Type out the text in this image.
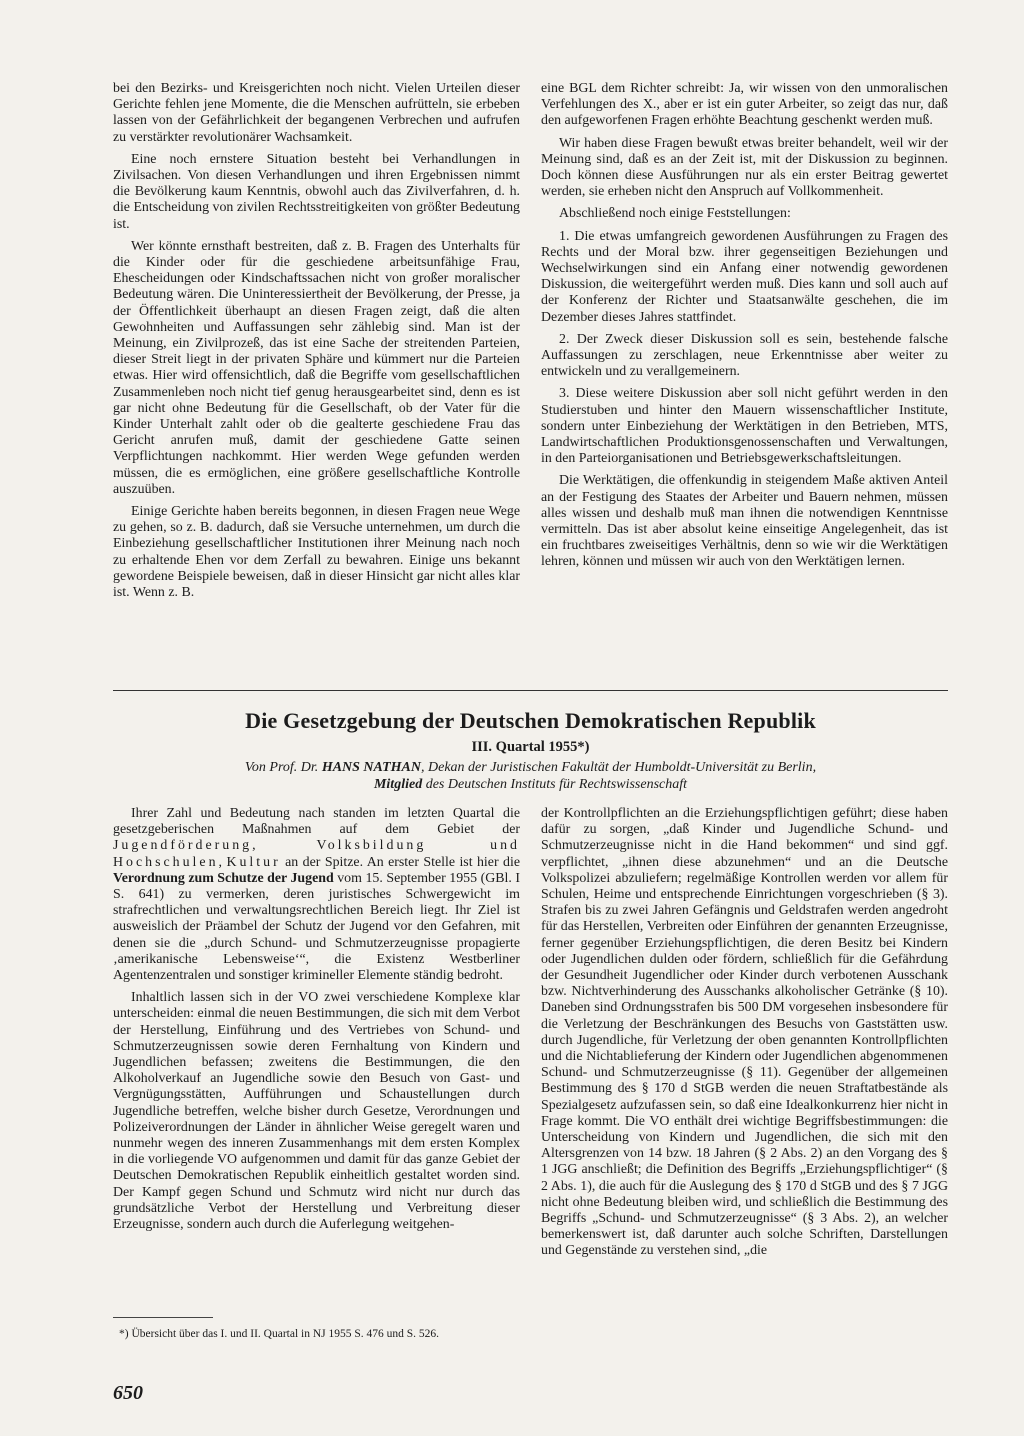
bei den Bezirks- und Kreisgerichten noch nicht. Vielen Urteilen dieser Gerichte fehlen jene Momente, die die Menschen aufrütteln, sie erbeben lassen von der Gefährlichkeit der begangenen Verbrechen und aufrufen zu verstärkter revolutionärer Wachsamkeit.

Eine noch ernstere Situation besteht bei Verhandlungen in Zivilsachen. Von diesen Verhandlungen und ihren Ergebnissen nimmt die Bevölkerung kaum Kenntnis, obwohl auch das Zivilverfahren, d. h. die Entscheidung von zivilen Rechtsstreitigkeiten von größter Bedeutung ist.

Wer könnte ernsthaft bestreiten, daß z. B. Fragen des Unterhalts für die Kinder oder für die geschiedene arbeitsunfähige Frau, Ehescheidungen oder Kindschaftssachen nicht von großer moralischer Bedeutung wären. Die Uninteressiertheit der Bevölkerung, der Presse, ja der Öffentlichkeit überhaupt an diesen Fragen zeigt, daß die alten Gewohnheiten und Auffassungen sehr zählebig sind. Man ist der Meinung, ein Zivilprozeß, das ist eine Sache der streitenden Parteien, dieser Streit liegt in der privaten Sphäre und kümmert nur die Parteien etwas. Hier wird offensichtlich, daß die Begriffe vom gesellschaftlichen Zusammenleben noch nicht tief genug herausgearbeitet sind, denn es ist gar nicht ohne Bedeutung für die Gesellschaft, ob der Vater für die Kinder Unterhalt zahlt oder ob die gealterte geschiedene Frau das Gericht anrufen muß, damit der geschiedene Gatte seinen Verpflichtungen nachkommt. Hier werden Wege gefunden werden müssen, die es ermöglichen, eine größere gesellschaftliche Kontrolle auszuüben.

Einige Gerichte haben bereits begonnen, in diesen Fragen neue Wege zu gehen, so z. B. dadurch, daß sie Versuche unternehmen, um durch die Einbeziehung gesellschaftlicher Institutionen ihrer Meinung nach noch zu erhaltende Ehen vor dem Zerfall zu bewahren. Einige uns bekannt gewordene Beispiele beweisen, daß in dieser Hinsicht gar nicht alles klar ist. Wenn z. B.

eine BGL dem Richter schreibt: Ja, wir wissen von den unmoralischen Verfehlungen des X., aber er ist ein guter Arbeiter, so zeigt das nur, daß den aufgeworfenen Fragen erhöhte Beachtung geschenkt werden muß.

Wir haben diese Fragen bewußt etwas breiter behandelt, weil wir der Meinung sind, daß es an der Zeit ist, mit der Diskussion zu beginnen. Doch können diese Ausführungen nur als ein erster Beitrag gewertet werden, sie erheben nicht den Anspruch auf Vollkommenheit.

Abschließend noch einige Feststellungen:

1. Die etwas umfangreich gewordenen Ausführungen zu Fragen des Rechts und der Moral bzw. ihrer gegenseitigen Beziehungen und Wechselwirkungen sind ein Anfang einer notwendig gewordenen Diskussion, die weitergeführt werden muß. Dies kann und soll auch auf der Konferenz der Richter und Staatsanwälte geschehen, die im Dezember dieses Jahres stattfindet.

2. Der Zweck dieser Diskussion soll es sein, bestehende falsche Auffassungen zu zerschlagen, neue Erkenntnisse aber weiter zu entwickeln und zu verallgemeinern.

3. Diese weitere Diskussion aber soll nicht geführt werden in den Studierstuben und hinter den Mauern wissenschaftlicher Institute, sondern unter Einbeziehung der Werktätigen in den Betrieben, MTS, Landwirtschaftlichen Produktionsgenossenschaften und Verwaltungen, in den Parteiorganisationen und Betriebsgewerkschaftsleitungen.

Die Werktätigen, die offenkundig in steigendem Maße aktiven Anteil an der Festigung des Staates der Arbeiter und Bauern nehmen, müssen alles wissen und deshalb muß man ihnen die notwendigen Kenntnisse vermitteln. Das ist aber absolut keine einseitige Angelegenheit, das ist ein fruchtbares zweiseitiges Verhältnis, denn so wie wir die Werktätigen lehren, können und müssen wir auch von den Werktätigen lernen.

Die Gesetzgebung der Deutschen Demokratischen Republik
III. Quartal 1955*)
Von Prof. Dr. HANS NATHAN, Dekan der Juristischen Fakultät der Humboldt-Universität zu Berlin,
Mitglied des Deutschen Instituts für Rechtswissenschaft

Ihrer Zahl und Bedeutung nach standen im letzten Quartal die gesetzgeberischen Maßnahmen auf dem Gebiet der Jugendförderung, Volksbildung und Hochschulen, Kultur an der Spitze. An erster Stelle ist hier die Verordnung zum Schutze der Jugend vom 15. September 1955 (GBl. I S. 641) zu vermerken, deren juristisches Schwergewicht im strafrechtlichen und verwaltungsrechtlichen Bereich liegt. Ihr Ziel ist ausweislich der Präambel der Schutz der Jugend vor den Gefahren, mit denen sie die „durch Schund- und Schmutzerzeugnisse propagierte ‚amerikanische Lebensweise‘“, die Existenz Westberliner Agentenzentralen und sonstiger krimineller Elemente ständig bedroht.

Inhaltlich lassen sich in der VO zwei verschiedene Komplexe klar unterscheiden: einmal die neuen Bestimmungen, die sich mit dem Verbot der Herstellung, Einführung und des Vertriebes von Schund- und Schmutzerzeugnissen sowie deren Fernhaltung von Kindern und Jugendlichen befassen; zweitens die Bestimmungen, die den Alkoholverkauf an Jugendliche sowie den Besuch von Gast- und Vergnügungsstätten, Aufführungen und Schaustellungen durch Jugendliche betreffen, welche bisher durch Gesetze, Verordnungen und Polizeiverordnungen der Länder in ähnlicher Weise geregelt waren und nunmehr wegen des inneren Zusammenhangs mit dem ersten Komplex in die vorliegende VO aufgenommen und damit für das ganze Gebiet der Deutschen Demokratischen Republik einheitlich gestaltet worden sind. Der Kampf gegen Schund und Schmutz wird nicht nur durch das grundsätzliche Verbot der Herstellung und Verbreitung dieser Erzeugnisse, sondern auch durch die Auferlegung weitgehen-

der Kontrollpflichten an die Erziehungspflichtigen geführt; diese haben dafür zu sorgen, „daß Kinder und Jugendliche Schund- und Schmutzerzeugnisse nicht in die Hand bekommen“ und sind ggf. verpflichtet, „ihnen diese abzunehmen“ und an die Deutsche Volkspolizei abzuliefern; regelmäßige Kontrollen werden vor allem für Schulen, Heime und entsprechende Einrichtungen vorgeschrieben (§ 3). Strafen bis zu zwei Jahren Gefängnis und Geldstrafen werden angedroht für das Herstellen, Verbreiten oder Einführen der genannten Erzeugnisse, ferner gegenüber Erziehungspflichtigen, die deren Besitz bei Kindern oder Jugendlichen dulden oder fördern, schließlich für die Gefährdung der Gesundheit Jugendlicher oder Kinder durch verbotenen Ausschank bzw. Nichtverhinderung des Ausschanks alkoholischer Getränke (§ 10). Daneben sind Ordnungsstrafen bis 500 DM vorgesehen insbesondere für die Verletzung der Beschränkungen des Besuchs von Gaststätten usw. durch Jugendliche, für Verletzung der oben genannten Kontrollpflichten und die Nichtablieferung der Kindern oder Jugendlichen abgenommenen Schund- und Schmutzerzeugnisse (§ 11). Gegenüber der allgemeinen Bestimmung des § 170 d StGB werden die neuen Straftatbestände als Spezialgesetz aufzufassen sein, so daß eine Idealkonkurrenz hier nicht in Frage kommt. Die VO enthält drei wichtige Begriffsbestimmungen: die Unterscheidung von Kindern und Jugendlichen, die sich mit den Altersgrenzen von 14 bzw. 18 Jahren (§ 2 Abs. 2) an den Vorgang des § 1 JGG anschließt; die Definition des Begriffs „Erziehungspflichtiger“ (§ 2 Abs. 1), die auch für die Auslegung des § 170 d StGB und des § 7 JGG nicht ohne Bedeutung bleiben wird, und schließlich die Bestimmung des Begriffs „Schund- und Schmutzerzeugnisse“ (§ 3 Abs. 2), an welcher bemerkenswert ist, daß darunter auch solche Schriften, Darstellungen und Gegenstände zu verstehen sind, „die

*) Übersicht über das I. und II. Quartal in NJ 1955 S. 476 und S. 526.
650
